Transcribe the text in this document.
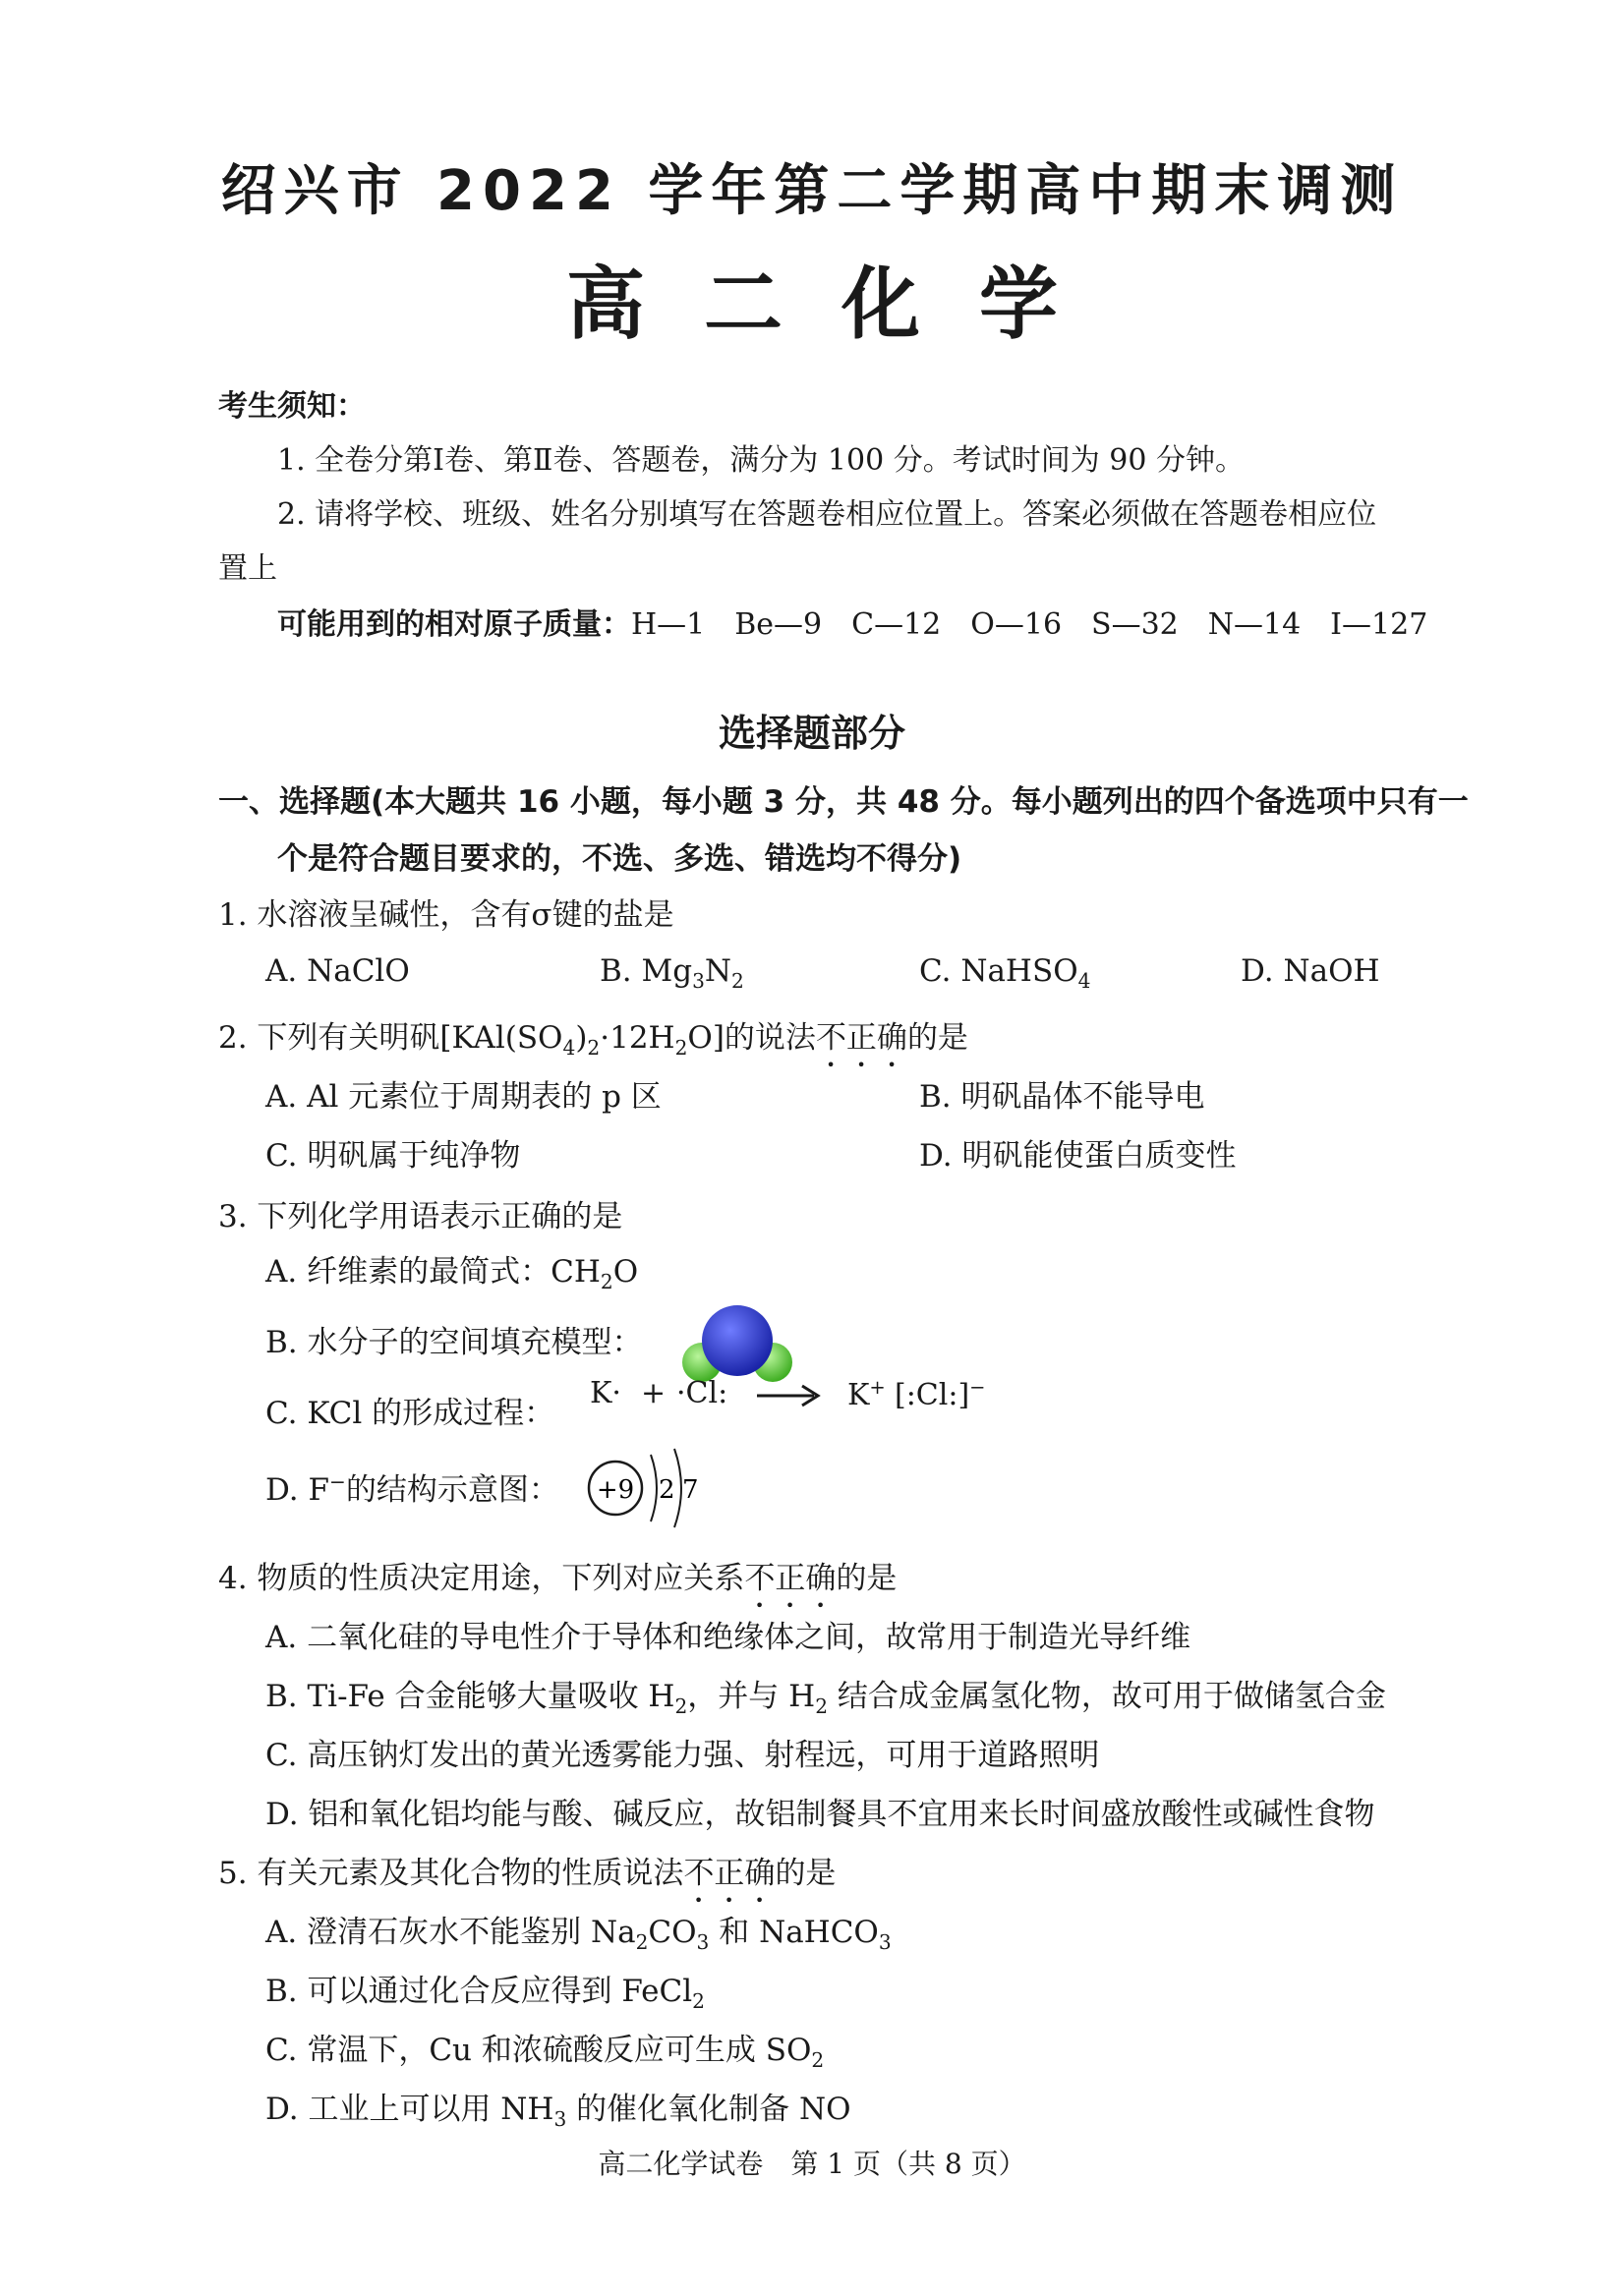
绍兴市 2022 学年第二学期高中期末调测
高二化学
考生须知：
1. 全卷分第Ⅰ卷、第Ⅱ卷、答题卷，满分为 100 分。考试时间为 90 分钟。
2. 请将学校、班级、姓名分别填写在答题卷相应位置上。答案必须做在答题卷相应位
置上
可能用到的相对原子质量：H—1　Be—9　C—12　O—16　S—32　N—14　I—127
选择题部分
一、选择题(本大题共 16 小题，每小题 3 分，共 48 分。每小题列出的四个备选项中只有一
个是符合题目要求的，不选、多选、错选均不得分)
1. 水溶液呈碱性，含有σ键的盐是
A. NaClO	B. $Mg_3N_2$	C. NaHSO$_4$	D. NaOH
2. 下列有关明矾$[KAl(SO_4)_2\cdot 12H_2O]$的说法不正确的是
A. Al 元素位于周期表的 p 区	B. 明矾晶体不能导电
C. 明矾属于纯净物	D. 明矾能使蛋白质变性
3. 下列化学用语表示正确的是
A. 纤维素的最简式：$CH_2O$
B. 水分子的空间填充模型：
C. KCl 的形成过程：
K· + ·Cl: → K+ [:Cl:]−
D. F−的结构示意图： +9 2 7
4. 物质的性质决定用途，下列对应关系不正确的是
A. 二氧化硅的导电性介于导体和绝缘体之间，故常用于制造光导纤维
B. Ti-Fe 合金能够大量吸收 $H_2$，并与 $H_2$ 结合成金属氢化物，故可用于做储氢合金
C. 高压钠灯发出的黄光透雾能力强、射程远，可用于道路照明
D. 铝和氧化铝均能与酸、碱反应，故铝制餐具不宜用来长时间盛放酸性或碱性食物
5. 有关元素及其化合物的性质说法不正确的是
A. 澄清石灰水不能鉴别 $Na_2CO_3$ 和 NaHCO$_3$
B. 可以通过化合反应得到 FeCl$_2$
C. 常温下，Cu 和浓硫酸反应可生成 $SO_2$
D. 工业上可以用 $NH_3$ 的催化氧化制备 NO
高二化学试卷　第 1 页（共 8 页）
